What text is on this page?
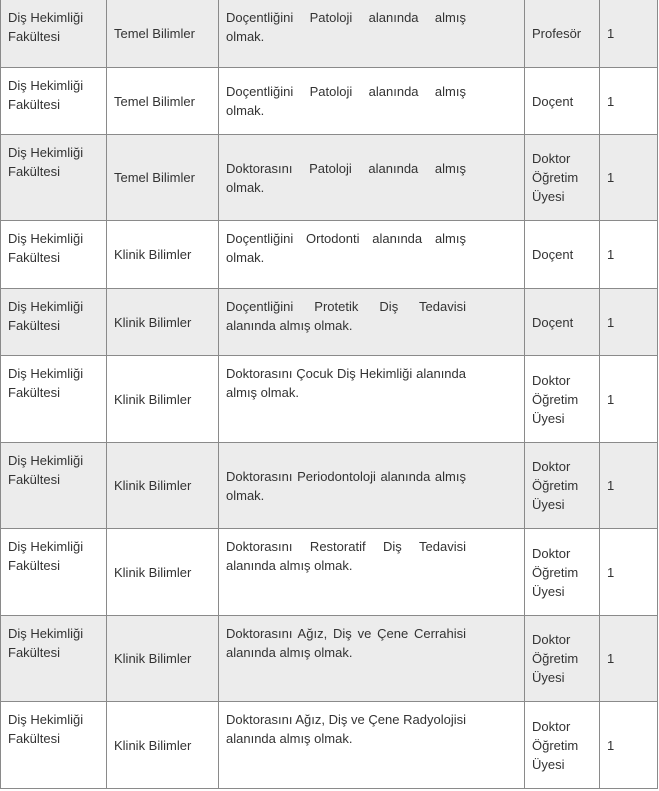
Diş Hekimliği Fakültesi	Temel Bilimler	Doçentliğini Patoloji alanında almış olmak.	Profesör	1
Diş Hekimliği Fakültesi	Temel Bilimler	Doçentliğini Patoloji alanında almış olmak.	Doçent	1
Diş Hekimliği Fakültesi	Temel Bilimler	Doktorasını Patoloji alanında almış olmak.	Doktor Öğretim Üyesi	1
Diş Hekimliği Fakültesi	Klinik Bilimler	Doçentliğini Ortodonti alanında almış olmak.	Doçent	1
Diş Hekimliği Fakültesi	Klinik Bilimler	Doçentliğini Protetik Diş Tedavisi alanında almış olmak.	Doçent	1
Diş Hekimliği Fakültesi	Klinik Bilimler	Doktorasını Çocuk Diş Hekimliği alanında almış olmak.	Doktor Öğretim Üyesi	1
Diş Hekimliği Fakültesi	Klinik Bilimler	Doktorasını Periodontoloji alanında almış olmak.	Doktor Öğretim Üyesi	1
Diş Hekimliği Fakültesi	Klinik Bilimler	Doktorasını Restoratif Diş Tedavisi alanında almış olmak.	Doktor Öğretim Üyesi	1
Diş Hekimliği Fakültesi	Klinik Bilimler	Doktorasını Ağız, Diş ve Çene Cerrahisi alanında almış olmak.	Doktor Öğretim Üyesi	1
Diş Hekimliği Fakültesi	Klinik Bilimler	Doktorasını Ağız, Diş ve Çene Radyolojisi alanında almış olmak.	Doktor Öğretim Üyesi	1
